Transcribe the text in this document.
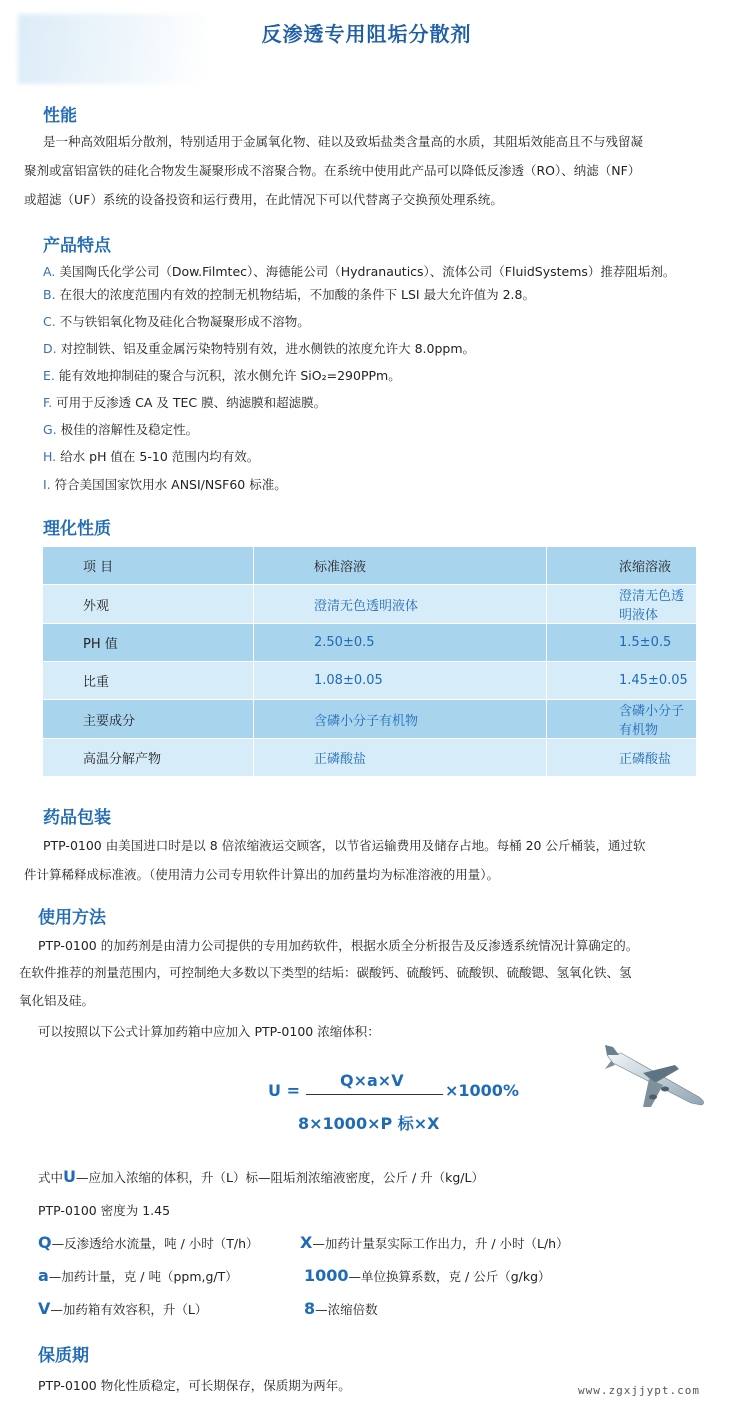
反渗透专用阻垢分散剂
性能
是一种高效阻垢分散剂，特别适用于金属氧化物、硅以及致垢盐类含量高的水质，其阻垢效能高且不与残留凝
聚剂或富铝富铁的硅化合物发生凝聚形成不溶聚合物。在系统中使用此产品可以降低反渗透（RO）、纳滤（NF）
或超滤（UF）系统的设备投资和运行费用，在此情况下可以代替离子交换预处理系统。
产品特点
A. 美国陶氏化学公司（Dow.Filmtec）、海德能公司（Hydranautics）、流体公司（FluidSystems）推荐阻垢剂。
B. 在很大的浓度范围内有效的控制无机物结垢，不加酸的条件下 LSI 最大允许值为 2.8。
C. 不与铁铝氧化物及硅化合物凝聚形成不溶物。
D. 对控制铁、铝及重金属污染物特别有效，进水侧铁的浓度允许大 8.0ppm。
E. 能有效地抑制硅的聚合与沉积，浓水侧允许 SiO₂=290PPm。
F. 可用于反渗透 CA 及 TEC 膜、纳滤膜和超滤膜。
G. 极佳的溶解性及稳定性。
H. 给水 pH 值在 5-10 范围内均有效。
I. 符合美国国家饮用水 ANSI/NSF60 标准。
理化性质
项 目	标准溶液	浓缩溶液
外观	澄清无色透明液体	澄清无色透明液体
PH 值	2.50±0.5	1.5±0.5
比重	1.08±0.05	1.45±0.05
主要成分	含磷小分子有机物	含磷小分子有机物
高温分解产物	正磷酸盐	正磷酸盐
药品包装
PTP-0100 由美国进口时是以 8 倍浓缩液运交顾客，以节省运输费用及储存占地。每桶 20 公斤桶装，通过软
件计算稀释成标准液。（使用清力公司专用软件计算出的加药量均为标准溶液的用量）。
使用方法
PTP-0100 的加药剂是由清力公司提供的专用加药软件，根据水质全分析报告及反渗透系统情况计算确定的。
在软件推荐的剂量范围内，可控制绝大多数以下类型的结垢：碳酸钙、硫酸钙、硫酸钡、硫酸锶、氢氧化铁、氢
氧化铝及硅。
可以按照以下公式计算加药箱中应加入 PTP-0100 浓缩体积：
U =
Q×a×V
×1000%
8×1000×P 标×X
式中U—应加入浓缩的体积，升（L）标—阻垢剂浓缩液密度，公斤 / 升（kg/L）
PTP-0100 密度为 1.45
Q—反渗透给水流量，吨 / 小时（T/h）	X—加药计量泵实际工作出力，升 / 小时（L/h）
a—加药计量，克 / 吨（ppm,g/T）	1000—单位换算系数，克 / 公斤（g/kg）
V—加药箱有效容积，升（L）	8—浓缩倍数
保质期
PTP-0100 物化性质稳定，可长期保存，保质期为两年。	www.zgxjjypt.com
